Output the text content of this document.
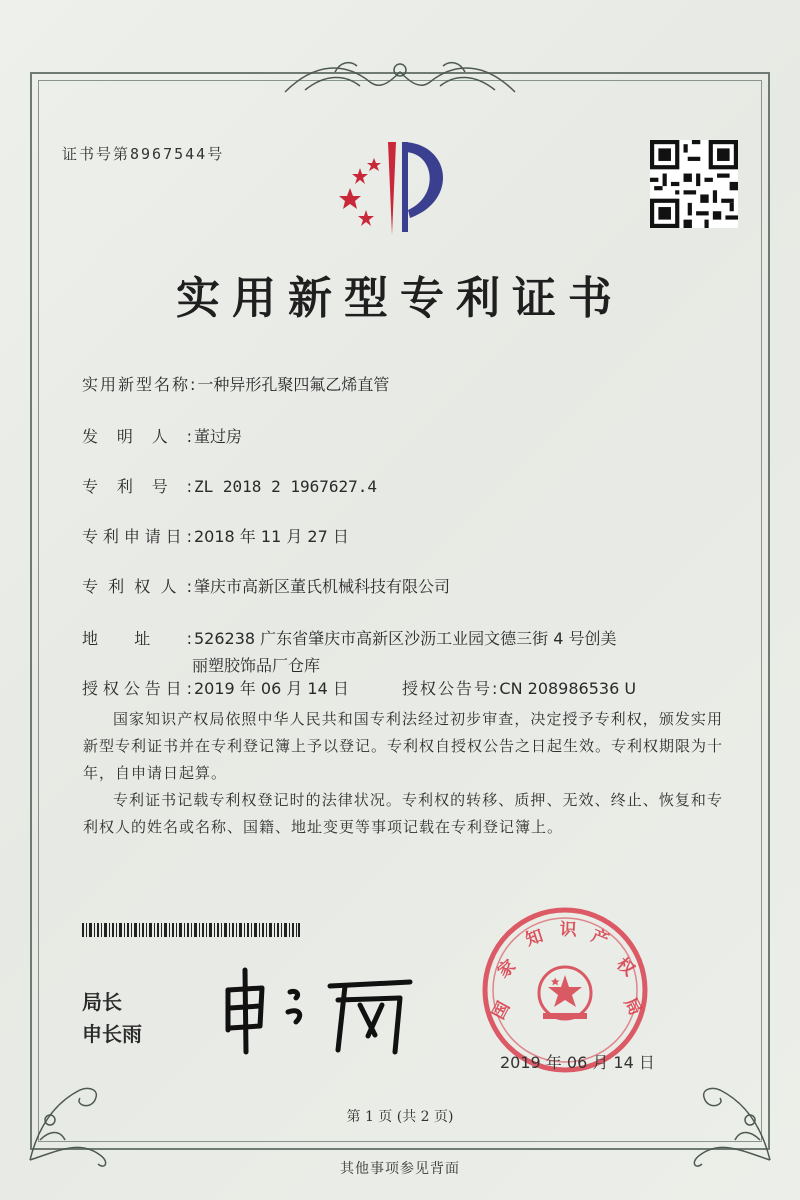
证书号第8967544号
实用新型专利证书
实用新型名称:一种异形孔聚四氟乙烯直管
发明人:董过房
专利号:ZL 2018 2 1967627.4
专利申请日:2018 年 11 月 27 日
专利权人:肇庆市高新区董氏机械科技有限公司
地址:526238 广东省肇庆市高新区沙沥工业园文德三街 4 号创美
丽塑胶饰品厂仓库
授权公告日:2019 年 06 月 14 日	授权公告号:CN 208986536 U
国家知识产权局依照中华人民共和国专利法经过初步审查，决定授予专利权，颁发实用新型专利证书并在专利登记簿上予以登记。专利权自授权公告之日起生效。专利权期限为十年，自申请日起算。
专利证书记载专利权登记时的法律状况。专利权的转移、质押、无效、终止、恢复和专利权人的姓名或名称、国籍、地址变更等事项记载在专利登记簿上。
局长
申长雨
国
家
知 识 产
权
局
2019 年 06 月 14 日
第 1 页 (共 2 页)
其他事项参见背面
